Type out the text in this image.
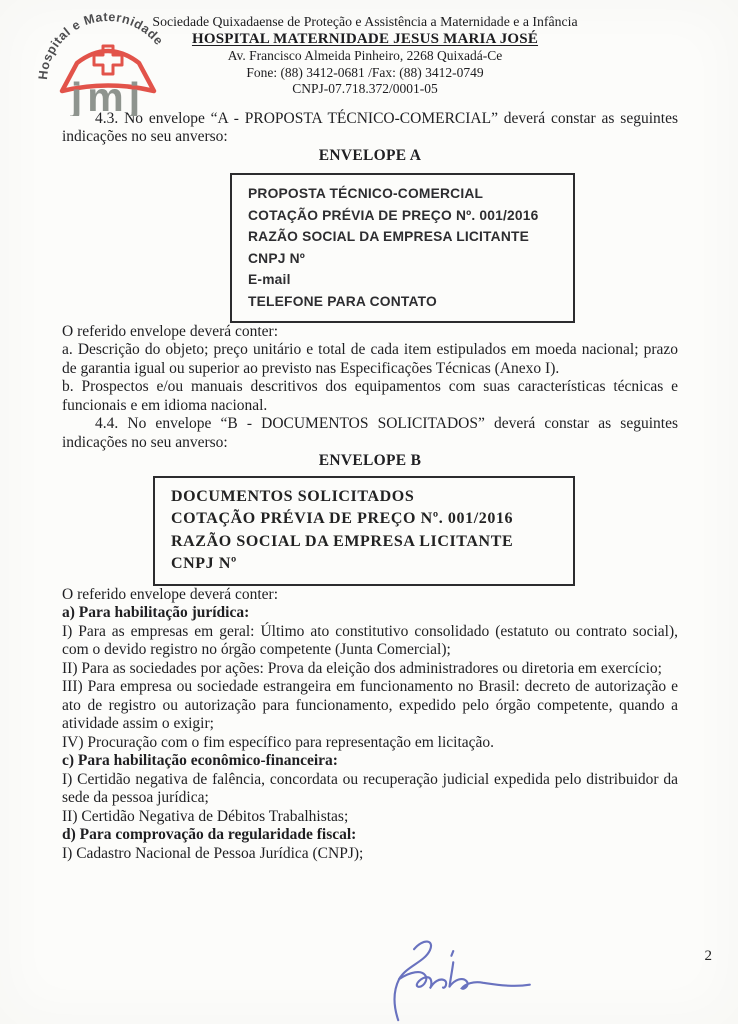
Hospital e Maternidade
jmj
Sociedade Quixadaense de Proteção e Assistência a Maternidade e a Infância
HOSPITAL MATERNIDADE JESUS MARIA JOSÉ
Av. Francisco Almeida Pinheiro, 2268 Quixadá-Ce
Fone: (88) 3412-0681 /Fax: (88) 3412-0749
CNPJ-07.718.372/0001-05

4.3. No envelope “A - PROPOSTA TÉCNICO-COMERCIAL” deverá constar as seguintes indicações no seu anverso:

ENVELOPE A

PROPOSTA TÉCNICO-COMERCIAL
COTAÇÃO PRÉVIA DE PREÇO Nº. 001/2016
RAZÃO SOCIAL DA EMPRESA LICITANTE
CNPJ Nº
E-mail
TELEFONE PARA CONTATO

O referido envelope deverá conter:

a. Descrição do objeto; preço unitário e total de cada item estipulados em moeda nacional; prazo de garantia igual ou superior ao previsto nas Especificações Técnicas (Anexo I).

b. Prospectos e/ou manuais descritivos dos equipamentos com suas características técnicas e funcionais e em idioma nacional.

4.4. No envelope “B - DOCUMENTOS SOLICITADOS” deverá constar as seguintes indicações no seu anverso:

ENVELOPE B

DOCUMENTOS SOLICITADOS
COTAÇÃO PRÉVIA DE PREÇO Nº. 001/2016
RAZÃO SOCIAL DA EMPRESA LICITANTE
CNPJ Nº

O referido envelope deverá conter:

a) Para habilitação jurídica:

I) Para as empresas em geral: Último ato constitutivo consolidado (estatuto ou contrato social), com o devido registro no órgão competente (Junta Comercial);

II) Para as sociedades por ações: Prova da eleição dos administradores ou diretoria em exercício;

III) Para empresa ou sociedade estrangeira em funcionamento no Brasil: decreto de autorização e ato de registro ou autorização para funcionamento, expedido pelo órgão competente, quando a atividade assim o exigir;

IV) Procuração com o fim específico para representação em licitação.

c) Para habilitação econômico-financeira:

I) Certidão negativa de falência, concordata ou recuperação judicial expedida pelo distribuidor da sede da pessoa jurídica;

II) Certidão Negativa de Débitos Trabalhistas;

d) Para comprovação da regularidade fiscal:

I) Cadastro Nacional de Pessoa Jurídica (CNPJ);

2
